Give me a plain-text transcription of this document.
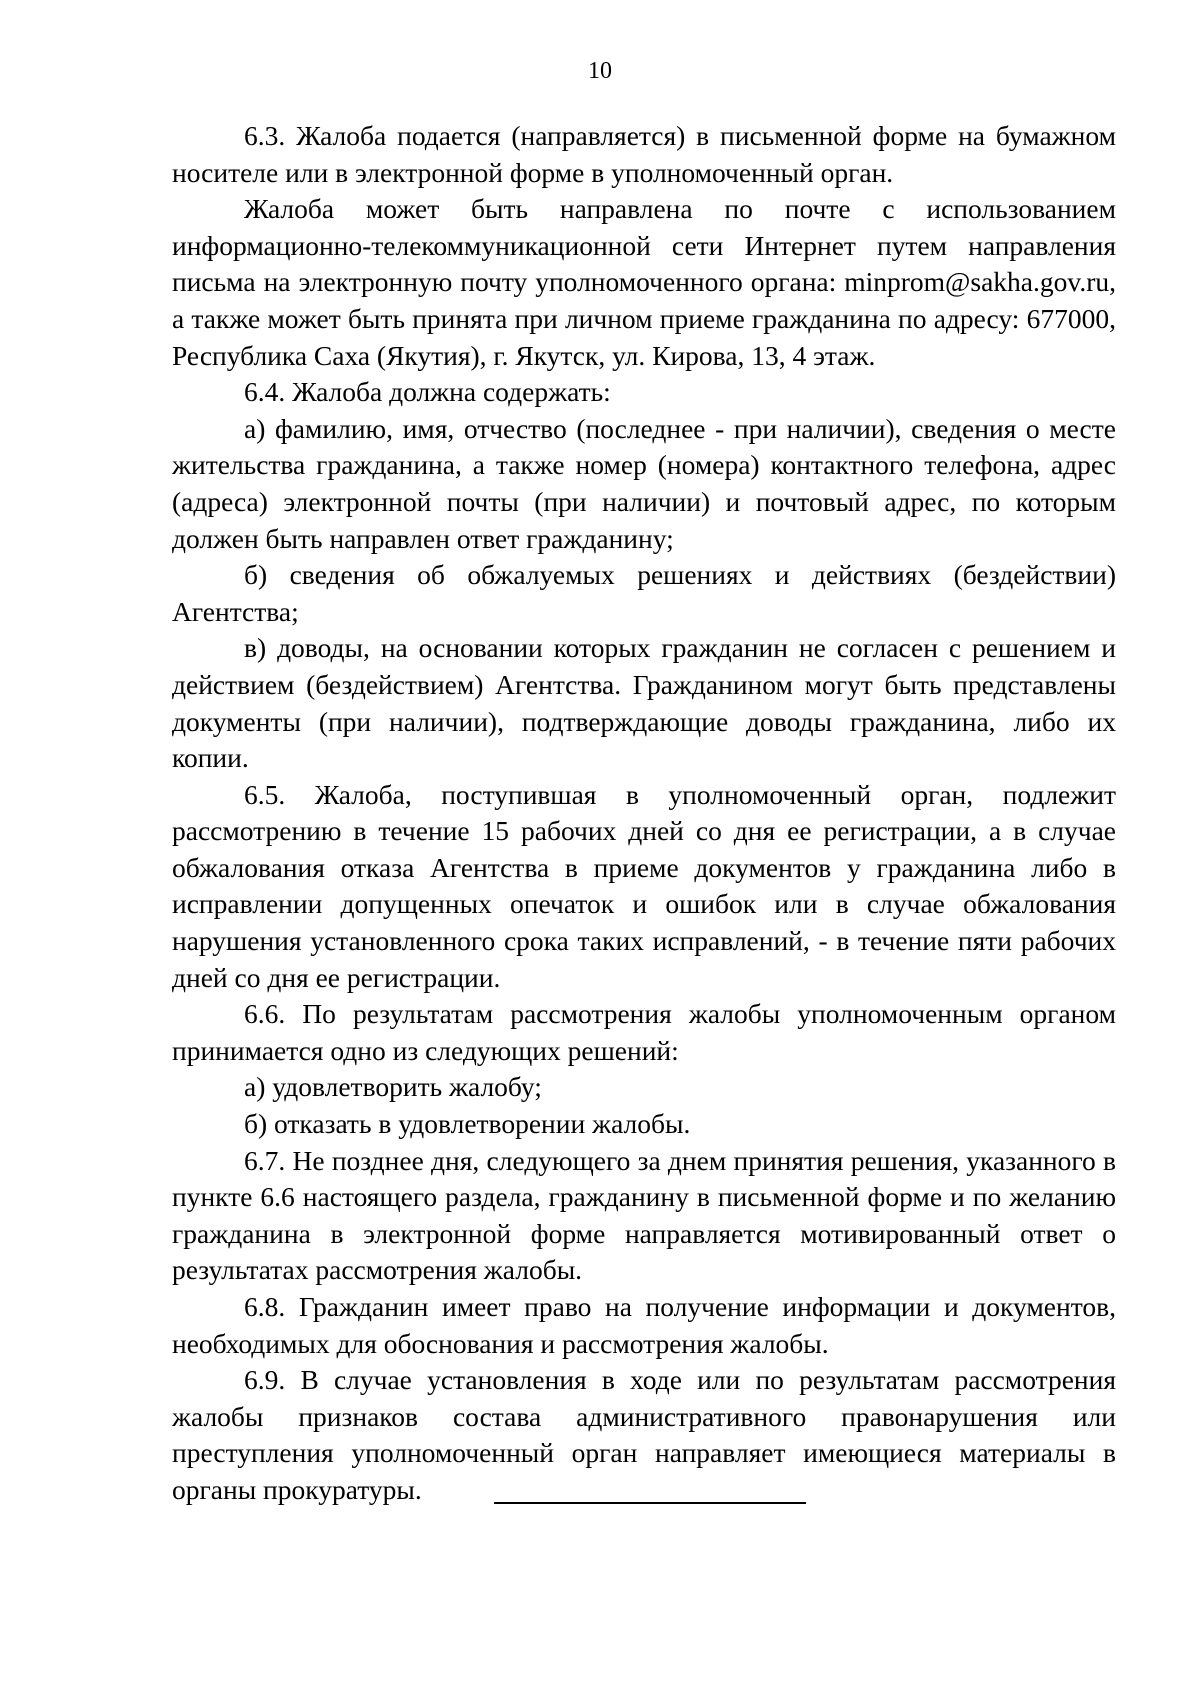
10

6.3. Жалоба подается (направляется) в письменной форме на бумажном носителе или в электронной форме в уполномоченный орган.

Жалоба может быть направлена по почте с использованием информационно-телекоммуникационной сети Интернет путем направления письма на электронную почту уполномоченного органа: minprom@sakha.gov.ru, а также может быть принята при личном приеме гражданина по адресу: 677000, Республика Саха (Якутия), г. Якутск, ул. Кирова, 13, 4 этаж.

6.4. Жалоба должна содержать:

а) фамилию, имя, отчество (последнее - при наличии), сведения о месте жительства гражданина, а также номер (номера) контактного телефона, адрес (адреса) электронной почты (при наличии) и почтовый адрес, по которым должен быть направлен ответ гражданину;

б) сведения об обжалуемых решениях и действиях (бездействии) Агентства;

в) доводы, на основании которых гражданин не согласен с решением и действием (бездействием) Агентства. Гражданином могут быть представлены документы (при наличии), подтверждающие доводы гражданина, либо их копии.

6.5. Жалоба, поступившая в уполномоченный орган, подлежит рассмотрению в течение 15 рабочих дней со дня ее регистрации, а в случае обжалования отказа Агентства в приеме документов у гражданина либо в исправлении допущенных опечаток и ошибок или в случае обжалования нарушения установленного срока таких исправлений, - в течение пяти рабочих дней со дня ее регистрации.

6.6. По результатам рассмотрения жалобы уполномоченным органом принимается одно из следующих решений:

а) удовлетворить жалобу;

б) отказать в удовлетворении жалобы.

6.7. Не позднее дня, следующего за днем принятия решения, указанного в пункте 6.6 настоящего раздела, гражданину в письменной форме и по желанию гражданина в электронной форме направляется мотивированный ответ о результатах рассмотрения жалобы.

6.8. Гражданин имеет право на получение информации и документов, необходимых для обоснования и рассмотрения жалобы.

6.9. В случае установления в ходе или по результатам рассмотрения жалобы признаков состава административного правонарушения или преступления уполномоченный орган направляет имеющиеся материалы в органы прокуратуры.
